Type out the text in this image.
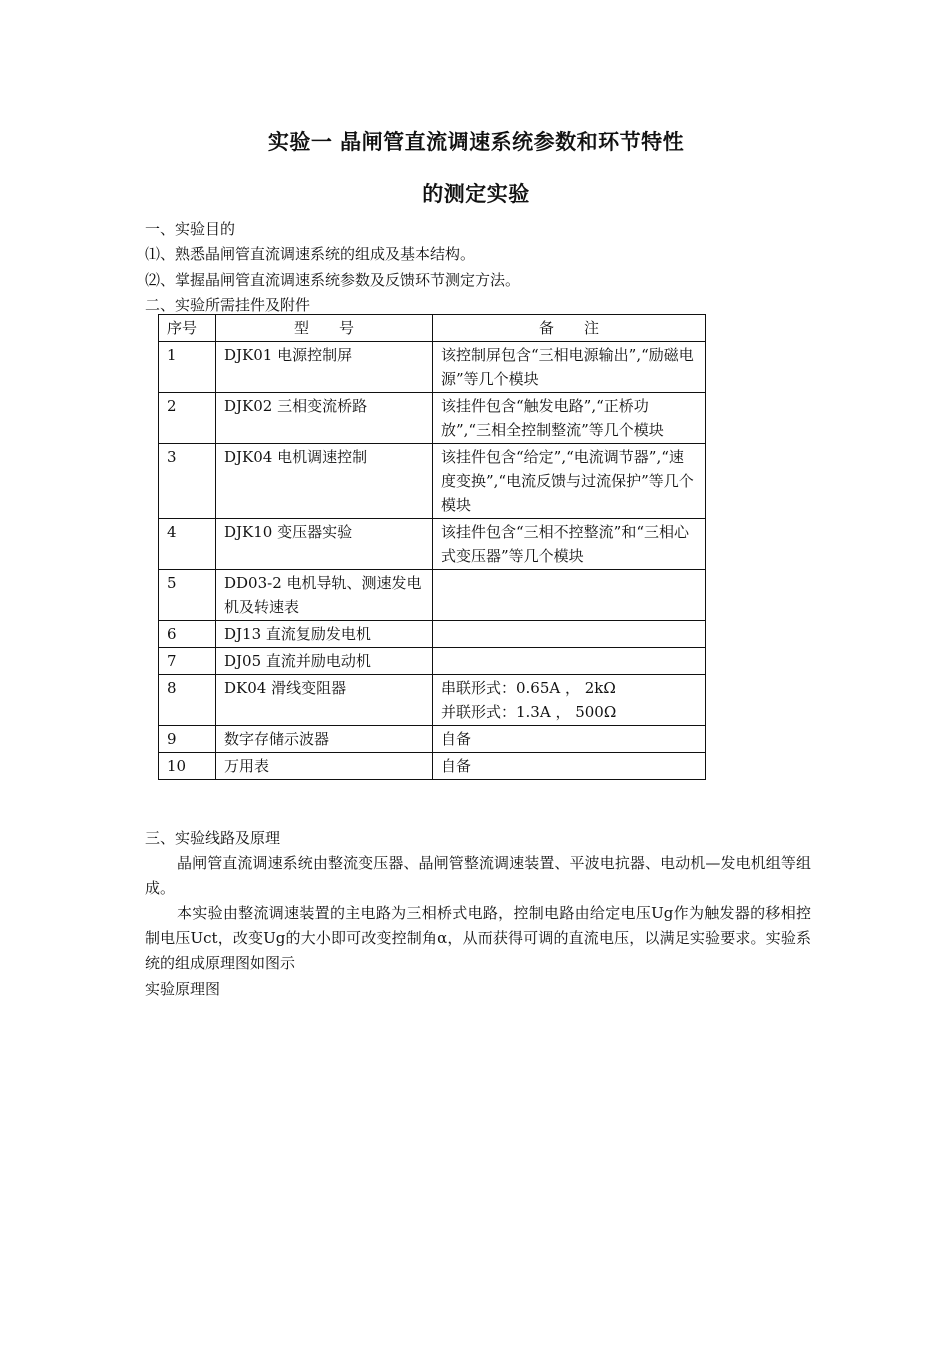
实验一 晶闸管直流调速系统参数和环节特性
的测定实验
一、实验目的
⑴、熟悉晶闸管直流调速系统的组成及基本结构。
⑵、掌握晶闸管直流调速系统参数及反馈环节测定方法。
二、实验所需挂件及附件
序号	型　　号	备　　注
1	DJK01 电源控制屏	该控制屏包含“三相电源输出”,“励磁电源”等几个模块
2	DJK02 三相变流桥路	该挂件包含“触发电路”,“正桥功放”,“三相全控制整流”等几个模块
3	DJK04 电机调速控制	该挂件包含“给定”,“电流调节器”,“速度变换”,“电流反馈与过流保护”等几个模块
4	DJK10 变压器实验	该挂件包含“三相不控整流”和“三相心式变压器”等几个模块
5	DD03-2 电机导轨、测速发电机及转速表	
6	DJ13 直流复励发电机	
7	DJ05 直流并励电动机	
8	DK04 滑线变阻器	串联形式：0.65A ， 2kΩ
并联形式：1.3A ， 500Ω

9	数字存储示波器	自备
10	万用表	自备
三、实验线路及原理
晶闸管直流调速系统由整流变压器、晶闸管整流调速装置、平波电抗器、电动机—发电机组等组成。
本实验由整流调速装置的主电路为三相桥式电路，控制电路由给定电压Ug作为触发器的移相控制电压Uct，改变Ug的大小即可改变控制角α，从而获得可调的直流电压，以满足实验要求。实验系统的组成原理图如图示
实验原理图
